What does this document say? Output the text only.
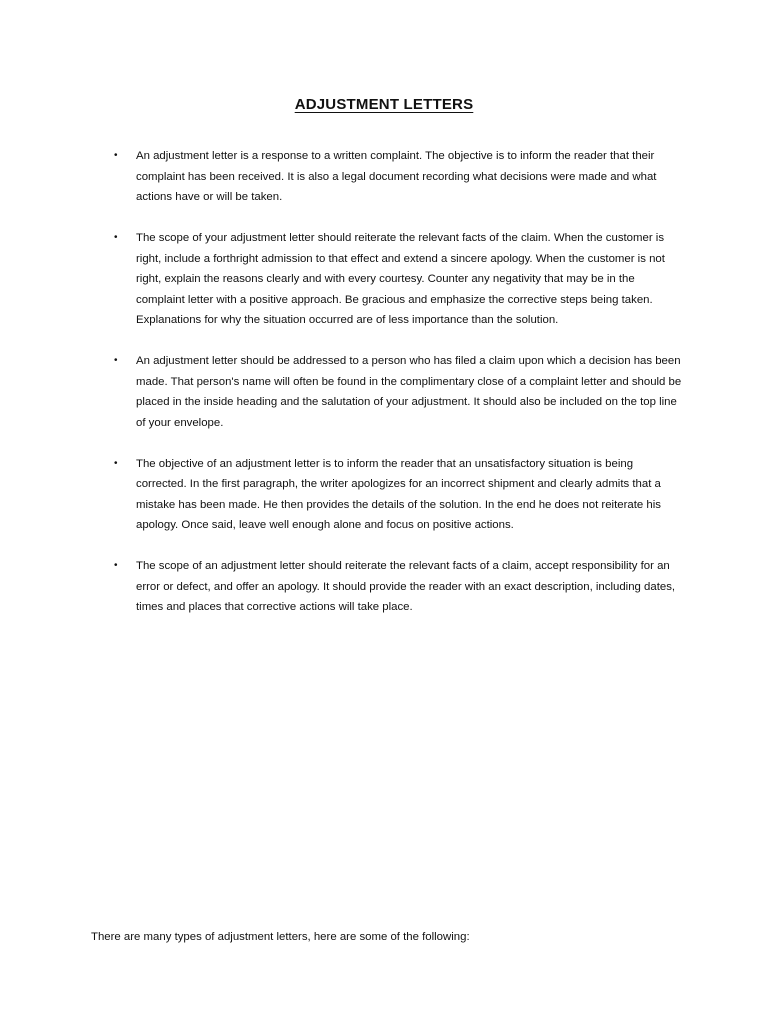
ADJUSTMENT LETTERS
• An adjustment letter is a response to a written complaint. The objective is to inform the reader that their complaint has been received. It is also a legal document recording what decisions were made and what actions have or will be taken.
• The scope of your adjustment letter should reiterate the relevant facts of the claim. When the customer is right, include a forthright admission to that effect and extend a sincere apology. When the customer is not right, explain the reasons clearly and with every courtesy. Counter any negativity that may be in the complaint letter with a positive approach. Be gracious and emphasize the corrective steps being taken. Explanations for why the situation occurred are of less importance than the solution.
• An adjustment letter should be addressed to a person who has filed a claim upon which a decision has been made. That person's name will often be found in the complimentary close of a complaint letter and should be placed in the inside heading and the salutation of your adjustment. It should also be included on the top line of your envelope.
• The objective of an adjustment letter is to inform the reader that an unsatisfactory situation is being corrected. In the first paragraph, the writer apologizes for an incorrect shipment and clearly admits that a mistake has been made. He then provides the details of the solution. In the end he does not reiterate his apology. Once said, leave well enough alone and focus on positive actions.
• The scope of an adjustment letter should reiterate the relevant facts of a claim, accept responsibility for an error or defect, and offer an apology. It should provide the reader with an exact description, including dates, times and places that corrective actions will take place.
There are many types of adjustment letters, here are some of the following:
